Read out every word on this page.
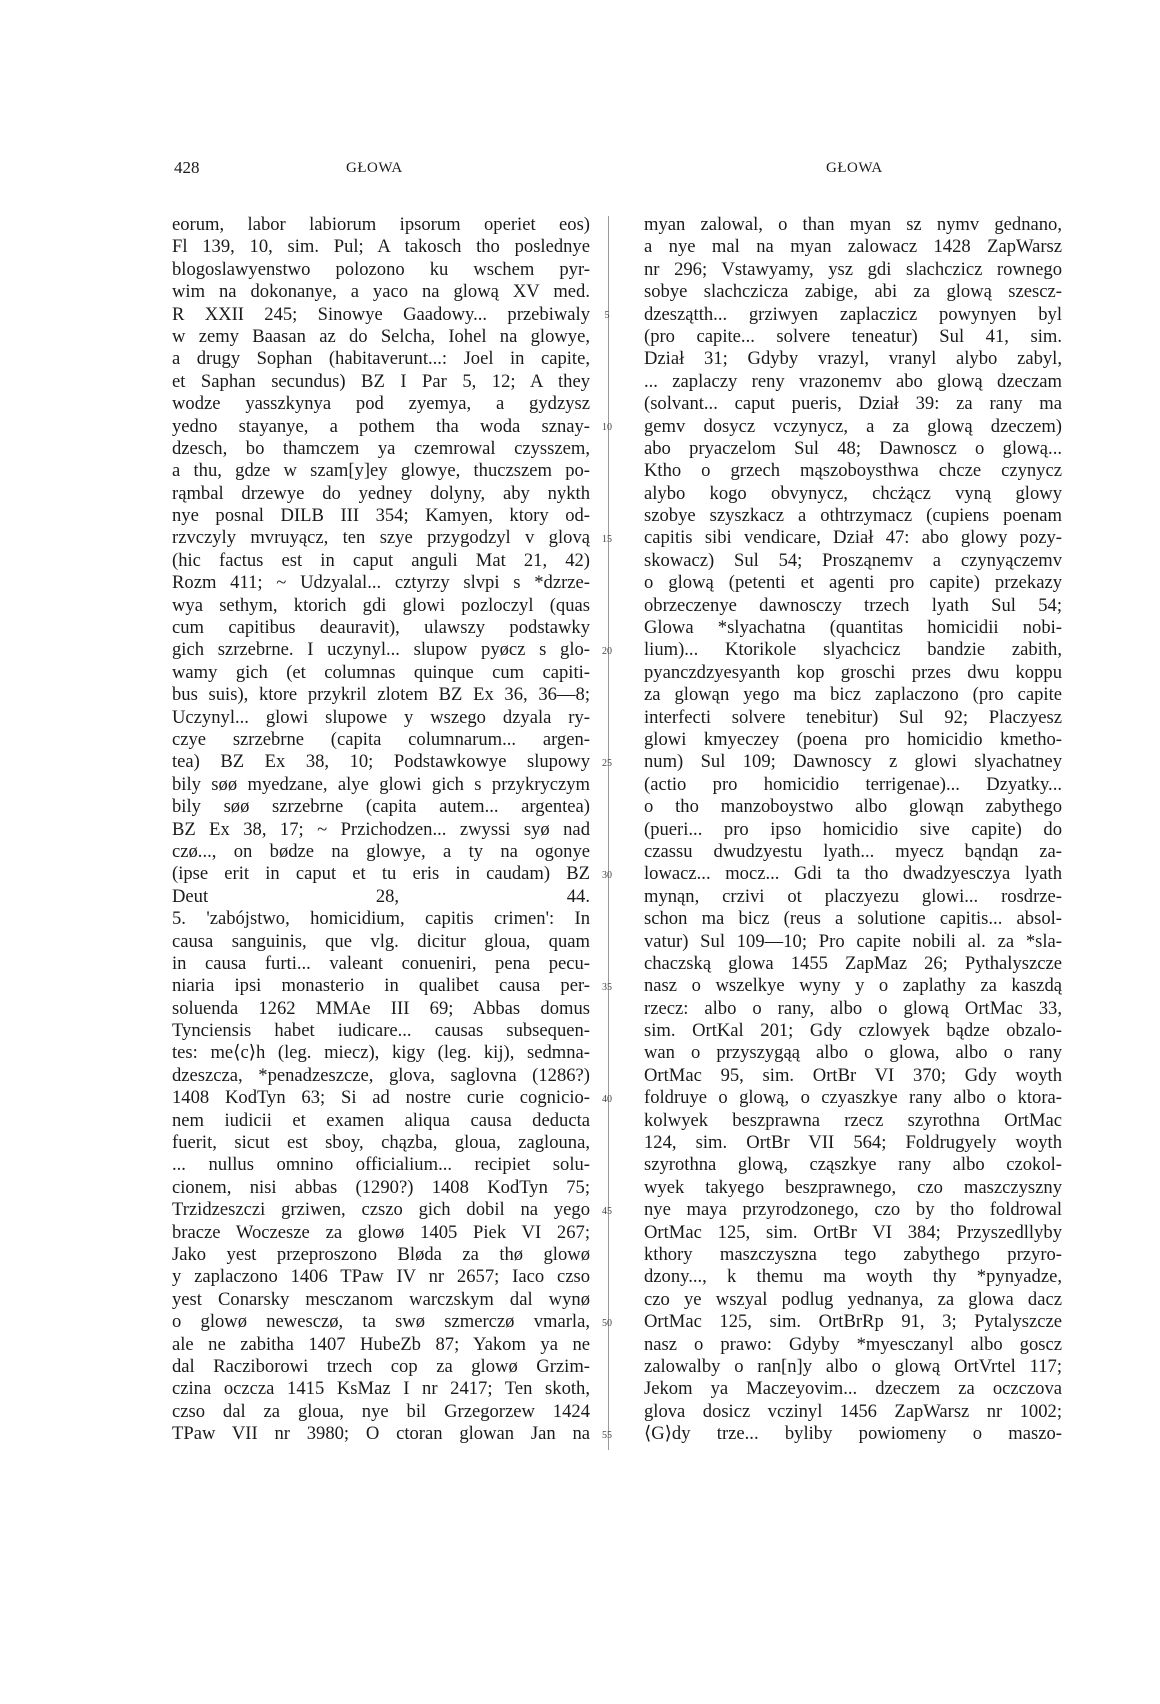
428	GŁOWA	GŁOWA
eorum, labor labiorum ipsorum operiet eos)
Fl 139, 10, sim. Pul; A takosch tho poslednye
blogoslawyenstwo polozono ku wschem pyr-
wim na dokonanye, a yaco na glową XV med.
R XXII 245; Sinowye Gaadowy... przebiwaly
w zemy Baasan az do Selcha, Iohel na glowye,
a drugy Sophan (habitaverunt...: Joel in capite,
et Saphan secundus) BZ I Par 5, 12; A they
wodze yasszkynya pod zyemya, a gydzysz
yedno stayanye, a pothem tha woda sznay-
dzesch, bo thamczem ya czemrowal czysszem,
a thu, gdze w szam[y]ey glowye, thuczszem po-
rąmbal drzewye do yedney dolyny, aby nykth
nye posnal DILB III 354; Kamyen, ktory od-
rzvczyly mvruyącz, ten szye przygodzyl v glovą
(hic factus est in caput anguli Mat 21, 42)
Rozm 411; ~ Udzyalal... cztyrzy slvpi s *dzrze-
wya sethym, ktorich gdi glowi pozloczyl (quas
cum capitibus deauravit), ulawszy podstawky
gich szrzebrne. I uczynyl... slupow pyøcz s glo-
wamy gich (et columnas quinque cum capiti-
bus suis), ktore przykril zlotem BZ Ex 36, 36—8;
Uczynyl... glowi slupowe y wszego dzyala ry-
czye szrzebrne (capita columnarum... argen-
tea) BZ Ex 38, 10; Podstawkowye slupowy
bily søø myedzane, alye glowi gich s przykryczym
bily søø szrzebrne (capita autem... argentea)
BZ Ex 38, 17; ~ Przichodzen... zwyssi syø nad
czø..., on bødze na glowye, a ty na ogonye
(ipse erit in caput et tu eris in caudam) BZ
Deut 28, 44.
5. 'zabójstwo, homicidium, capitis crimen': In
causa sanguinis, que vlg. dicitur gloua, quam
in causa furti... valeant conueniri, pena pecu-
niaria ipsi monasterio in qualibet causa per-
soluenda 1262 MMAe III 69; Abbas domus
Tynciensis habet iudicare... causas subsequen-
tes: me⟨c⟩h (leg. miecz), kigy (leg. kij), sedmna-
dzeszcza, *penadzeszcze, glova, saglovna (1286?)
1408 KodTyn 63; Si ad nostre curie cognicio-
nem iudicii et examen aliqua causa deducta
fuerit, sicut est sboy, chązba, gloua, zaglouna,
... nullus omnino officialium... recipiet solu-
cionem, nisi abbas (1290?) 1408 KodTyn 75;
Trzidzeszczi grziwen, czszo gich dobil na yego
bracze Woczesze za glowø 1405 Piek VI 267;
Jako yest przeproszono Bløda za thø glowø
y zaplaczono 1406 TPaw IV nr 2657; Iaco czso
yest Conarsky mesczanom warczskym dal wynø
o glowø newesczø, ta swø szmerczø vmarla,
ale ne zabitha 1407 HubeZb 87; Yakom ya ne
dal Racziborowi trzech cop za glowø Grzim-
czina oczcza 1415 KsMaz I nr 2417; Ten skoth,
czso dal za gloua, nye bil Grzegorzew 1424
TPaw VII nr 3980; O ctoran glowan Jan na
5
10
15
20
25
30
35
40
45
50
55
myan zalowal, o than myan sz nymv gednano,
a nye mal na myan zalowacz 1428 ZapWarsz
nr 296; Vstawyamy, ysz gdi slachczicz rownego
sobye slachczicza zabige, abi za glową szescz-
dzeszątth... grziwyen zaplaczicz powynyen byl
(pro capite... solvere teneatur) Sul 41, sim.
Dział 31; Gdyby vrazyl, vranyl alybo zabyl,
... zaplaczy reny vrazonemv abo glową dzeczam
(solvant... caput pueris, Dział 39: za rany ma
gemv dosycz vczynycz, a za glową dzeczem)
abo pryaczelom Sul 48; Dawnoscz o glową...
Ktho o grzech mąszoboysthwa chcze czynycz
alybo kogo obvynycz, chcżącz vyną glowy
szobye szyszkacz a othtrzymacz (cupiens poenam
capitis sibi vendicare, Dział 47: abo glowy pozy-
skowacz) Sul 54; Prosząnemv a czynyączemv
o glową (petenti et agenti pro capite) przekazy
obrzeczenye dawnosczy trzech lyath Sul 54;
Glowa *slyachatna (quantitas homicidii nobi-
lium)... Ktorikole slyachcicz bandzie zabith,
pyanczdzyesyanth kop groschi przes dwu koppu
za glowąn yego ma bicz zaplaczono (pro capite
interfecti solvere tenebitur) Sul 92; Placzyesz
glowi kmyeczey (poena pro homicidio kmetho-
num) Sul 109; Dawnoscy z glowi slyachatney
(actio pro homicidio terrigenae)... Dzyatky...
o tho manzoboystwo albo glowąn zabythego
(pueri... pro ipso homicidio sive capite) do
czassu dwudzyestu lyath... myecz bąndąn za-
lowacz... mocz... Gdi ta tho dwadzyesczya lyath
mynąn, crzivi ot placzyezu glowi... rosdrze-
schon ma bicz (reus a solutione capitis... absol-
vatur) Sul 109—10; Pro capite nobili al. za *sla-
chaczską glowa 1455 ZapMaz 26; Pythalyszcze
nasz o wszelkye wyny y o zaplathy za kaszdą
rzecz: albo o rany, albo o glową OrtMac 33,
sim. OrtKal 201; Gdy czlowyek bądze obzalo-
wan o przyszygąą albo o glowa, albo o rany
OrtMac 95, sim. OrtBr VI 370; Gdy woyth
foldruye o glową, o czyaszkye rany albo o ktora-
kolwyek beszprawna rzecz szyrothna OrtMac
124, sim. OrtBr VII 564; Foldrugyely woyth
szyrothna glową, cząszkye rany albo czokol-
wyek takyego beszprawnego, czo maszczyszny
nye maya przyrodzonego, czo by tho foldrowal
OrtMac 125, sim. OrtBr VI 384; Przyszedllyby
kthory maszczyszna tego zabythego przyro-
dzony..., k themu ma woyth thy *pynyadze,
czo ye wszyal podlug yednanya, za glowa dacz
OrtMac 125, sim. OrtBrRp 91, 3; Pytalyszcze
nasz o prawo: Gdyby *myesczanyl albo goscz
zalowalby o ran[n]y albo o glową OrtVrtel 117;
Jekom ya Maczeyovim... dzeczem za oczczova
glova dosicz vczinyl 1456 ZapWarsz nr 1002;
⟨G⟩dy trze... byliby powiomeny o maszo-
